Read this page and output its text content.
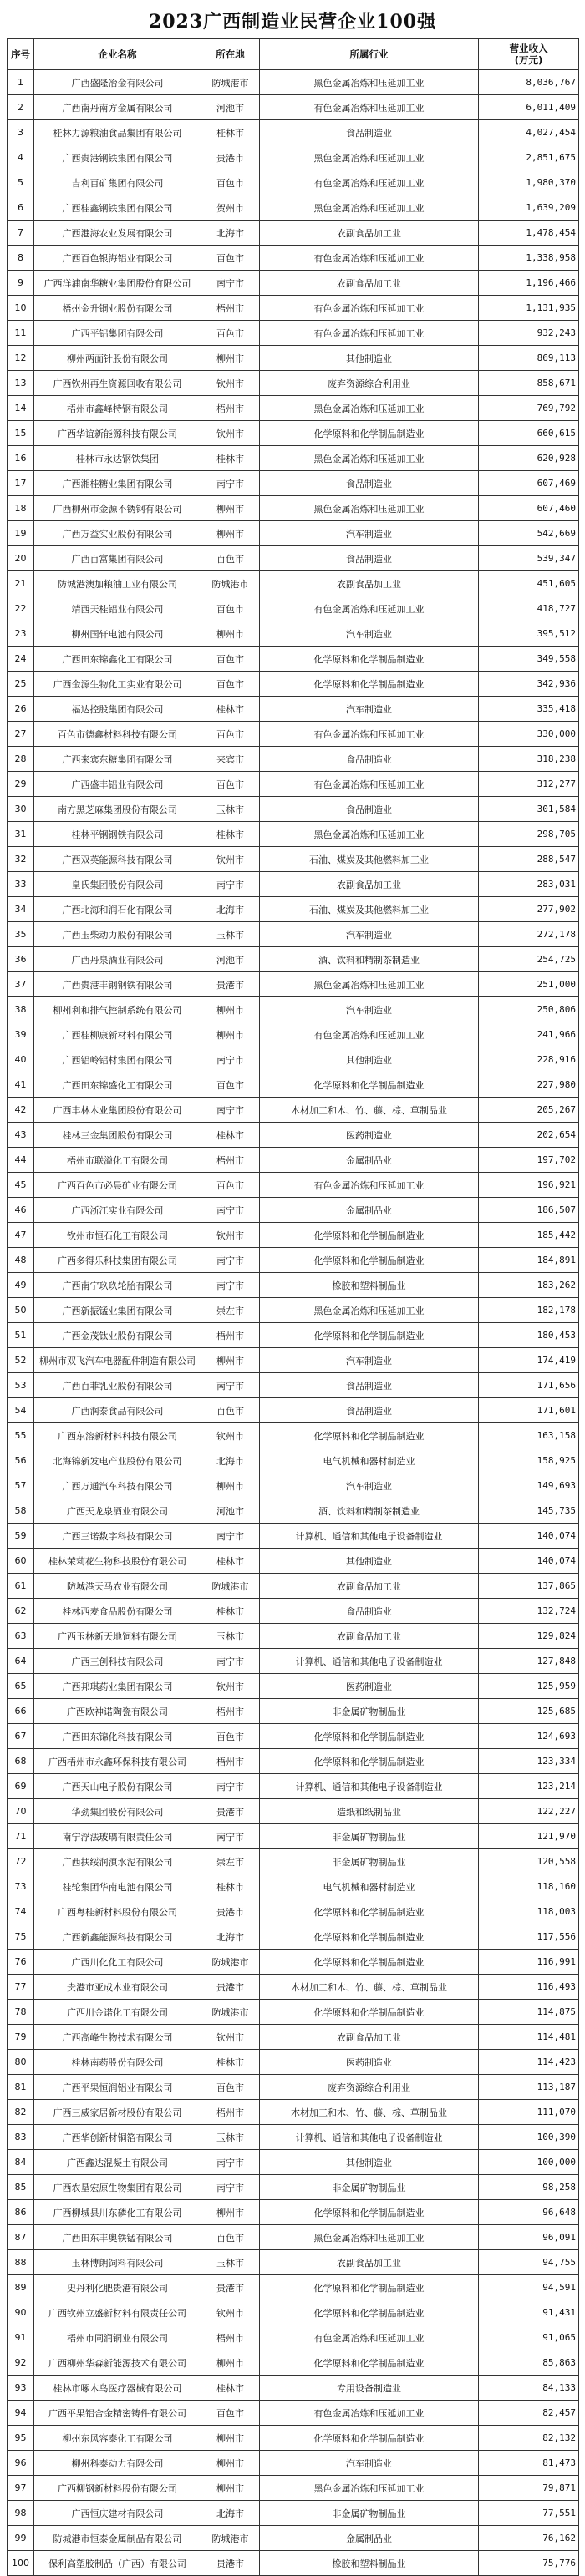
2023广西制造业民营企业100强
序号	企业名称	所在地	所属行业	营业收入
(万元)

1	广西盛隆冶金有限公司	防城港市	黑色金属冶炼和压延加工业	8,036,767
2	广西南丹南方金属有限公司	河池市	有色金属冶炼和压延加工业	6,011,409
3	桂林力源粮油食品集团有限公司	桂林市	食品制造业	4,027,454
4	广西贵港钢铁集团有限公司	贵港市	黑色金属冶炼和压延加工业	2,851,675
5	吉利百矿集团有限公司	百色市	有色金属冶炼和压延加工业	1,980,370
6	广西桂鑫钢铁集团有限公司	贺州市	黑色金属冶炼和压延加工业	1,639,209
7	广西港海农业发展有限公司	北海市	农副食品加工业	1,478,454
8	广西百色银海铝业有限公司	百色市	有色金属冶炼和压延加工业	1,338,958
9	广西洋浦南华糖业集团股份有限公司	南宁市	农副食品加工业	1,196,466
10	梧州金升铜业股份有限公司	梧州市	有色金属冶炼和压延加工业	1,131,935
11	广西平铝集团有限公司	百色市	有色金属冶炼和压延加工业	932,243
12	柳州两面针股份有限公司	柳州市	其他制造业	869,113
13	广西钦州再生资源回收有限公司	钦州市	废弃资源综合利用业	858,671
14	梧州市鑫峰特钢有限公司	梧州市	黑色金属冶炼和压延加工业	769,792
15	广西华谊新能源科技有限公司	钦州市	化学原料和化学制品制造业	660,615
16	桂林市永达钢铁集团	桂林市	黑色金属冶炼和压延加工业	620,928
17	广西湘桂糖业集团有限公司	南宁市	食品制造业	607,469
18	广西柳州市金源不锈钢有限公司	柳州市	黑色金属冶炼和压延加工业	607,460
19	广西万益实业股份有限公司	柳州市	汽车制造业	542,669
20	广西百富集团有限公司	百色市	食品制造业	539,347
21	防城港澳加粮油工业有限公司	防城港市	农副食品加工业	451,605
22	靖西天桂铝业有限公司	百色市	有色金属冶炼和压延加工业	418,727
23	柳州国轩电池有限公司	柳州市	汽车制造业	395,512
24	广西田东锦鑫化工有限公司	百色市	化学原料和化学制品制造业	349,558
25	广西金源生物化工实业有限公司	百色市	化学原料和化学制品制造业	342,936
26	福达控股集团有限公司	桂林市	汽车制造业	335,418
27	百色市德鑫材料科技有限公司	百色市	有色金属冶炼和压延加工业	330,000
28	广西来宾东糖集团有限公司	来宾市	食品制造业	318,238
29	广西盛丰铝业有限公司	百色市	有色金属冶炼和压延加工业	312,277
30	南方黑芝麻集团股份有限公司	玉林市	食品制造业	301,584
31	桂林平钢钢铁有限公司	桂林市	黑色金属冶炼和压延加工业	298,705
32	广西双英能源科技有限公司	钦州市	石油、煤炭及其他燃料加工业	288,547
33	皇氏集团股份有限公司	南宁市	农副食品加工业	283,031
34	广西北海和润石化有限公司	北海市	石油、煤炭及其他燃料加工业	277,902
35	广西玉柴动力股份有限公司	玉林市	汽车制造业	272,178
36	广西丹泉酒业有限公司	河池市	酒、饮料和精制茶制造业	254,725
37	广西贵港丰钢钢铁有限公司	贵港市	黑色金属冶炼和压延加工业	251,000
38	柳州利和排气控制系统有限公司	柳州市	汽车制造业	250,806
39	广西桂柳康新材料有限公司	柳州市	有色金属冶炼和压延加工业	241,966
40	广西铝岭铝材集团有限公司	南宁市	其他制造业	228,916
41	广西田东锦盛化工有限公司	百色市	化学原料和化学制品制造业	227,980
42	广西丰林木业集团股份有限公司	南宁市	木材加工和木、竹、藤、棕、草制品业	205,267
43	桂林三金集团股份有限公司	桂林市	医药制造业	202,654
44	梧州市联溢化工有限公司	梧州市	金属制品业	197,702
45	广西百色市必晨矿业有限公司	百色市	有色金属冶炼和压延加工业	196,921
46	广西浙江实业有限公司	南宁市	金属制品业	186,507
47	钦州市恒石化工有限公司	钦州市	化学原料和化学制品制造业	185,442
48	广西多得乐科技集团有限公司	南宁市	化学原料和化学制品制造业	184,891
49	广西南宁玖玖轮胎有限公司	南宁市	橡胶和塑料制品业	183,262
50	广西新振锰业集团有限公司	崇左市	黑色金属冶炼和压延加工业	182,178
51	广西金茂钛业股份有限公司	梧州市	化学原料和化学制品制造业	180,453
52	柳州市双飞汽车电器配件制造有限公司	柳州市	汽车制造业	174,419
53	广西百菲乳业股份有限公司	南宁市	食品制造业	171,656
54	广西润泰食品有限公司	百色市	食品制造业	171,601
55	广西东溶新材料科技有限公司	钦州市	化学原料和化学制品制造业	163,158
56	北海锦新发电产业股份有限公司	北海市	电气机械和器材制造业	158,925
57	广西万通汽车科技有限公司	柳州市	汽车制造业	149,693
58	广西天龙泉酒业有限公司	河池市	酒、饮料和精制茶制造业	145,735
59	广西三诺数字科技有限公司	南宁市	计算机、通信和其他电子设备制造业	140,074
60	桂林茉莉花生物科技股份有限公司	桂林市	其他制造业	140,074
61	防城港天马农业有限公司	防城港市	农副食品加工业	137,865
62	桂林西麦食品股份有限公司	桂林市	食品制造业	132,724
63	广西玉林新天地饲料有限公司	玉林市	农副食品加工业	129,824
64	广西三创科技有限公司	南宁市	计算机、通信和其他电子设备制造业	127,848
65	广西邦琪药业集团有限公司	钦州市	医药制造业	125,959
66	广西欧神诺陶瓷有限公司	梧州市	非金属矿物制品业	125,685
67	广西田东锦化科技有限公司	百色市	化学原料和化学制品制造业	124,693
68	广西梧州市永鑫环保科技有限公司	梧州市	化学原料和化学制品制造业	123,334
69	广西天山电子股份有限公司	南宁市	计算机、通信和其他电子设备制造业	123,214
70	华劲集团股份有限公司	贵港市	造纸和纸制品业	122,227
71	南宁浮法玻璃有限责任公司	南宁市	非金属矿物制品业	121,970
72	广西扶绥润滇水泥有限公司	崇左市	非金属矿物制品业	120,558
73	桂轮集团华南电池有限公司	桂林市	电气机械和器材制造业	118,160
74	广西粤桂新材料股份有限公司	贵港市	化学原料和化学制品制造业	118,003
75	广西新鑫能源科技有限公司	北海市	化学原料和化学制品制造业	117,556
76	广西川化化工有限公司	防城港市	化学原料和化学制品制造业	116,991
77	贵港市亚成木业有限公司	贵港市	木材加工和木、竹、藤、棕、草制品业	116,493
78	广西川金诺化工有限公司	防城港市	化学原料和化学制品制造业	114,875
79	广西高峰生物技术有限公司	钦州市	农副食品加工业	114,481
80	桂林南药股份有限公司	桂林市	医药制造业	114,423
81	广西平果恒润铝业有限公司	百色市	废弃资源综合利用业	113,187
82	广西三威家居新材股份有限公司	梧州市	木材加工和木、竹、藤、棕、草制品业	111,070
83	广西华创新材铜箔有限公司	玉林市	计算机、通信和其他电子设备制造业	100,390
84	广西鑫达混凝土有限公司	南宁市	其他制造业	100,000
85	广西农垦宏原生物集团有限公司	南宁市	非金属矿物制品业	98,258
86	广西柳城县川东磷化工有限公司	柳州市	化学原料和化学制品制造业	96,648
87	广西田东丰奥铁锰有限公司	百色市	黑色金属冶炼和压延加工业	96,091
88	玉林博朗饲料有限公司	玉林市	农副食品加工业	94,755
89	史丹利化肥贵港有限公司	贵港市	化学原料和化学制品制造业	94,591
90	广西钦州立盛新材料有限责任公司	钦州市	化学原料和化学制品制造业	91,431
91	梧州市同润铜业有限公司	梧州市	有色金属冶炼和压延加工业	91,065
92	广西柳州华森新能源技术有限公司	柳州市	化学原料和化学制品制造业	85,863
93	桂林市啄木鸟医疗器械有限公司	桂林市	专用设备制造业	84,133
94	广西平果铝合金精密铸件有限公司	百色市	有色金属冶炼和压延加工业	82,457
95	柳州东风容泰化工有限公司	柳州市	化学原料和化学制品制造业	82,132
96	柳州科泰动力有限公司	柳州市	汽车制造业	81,473
97	广西柳钢新材料股份有限公司	柳州市	黑色金属冶炼和压延加工业	79,871
98	广西恒庆建材有限公司	北海市	非金属矿物制品业	77,551
99	防城港市恒泰金属制品有限公司	防城港市	金属制品业	76,162
100	保利高塑胶制品（广西）有限公司	贵港市	橡胶和塑料制品业	75,776
